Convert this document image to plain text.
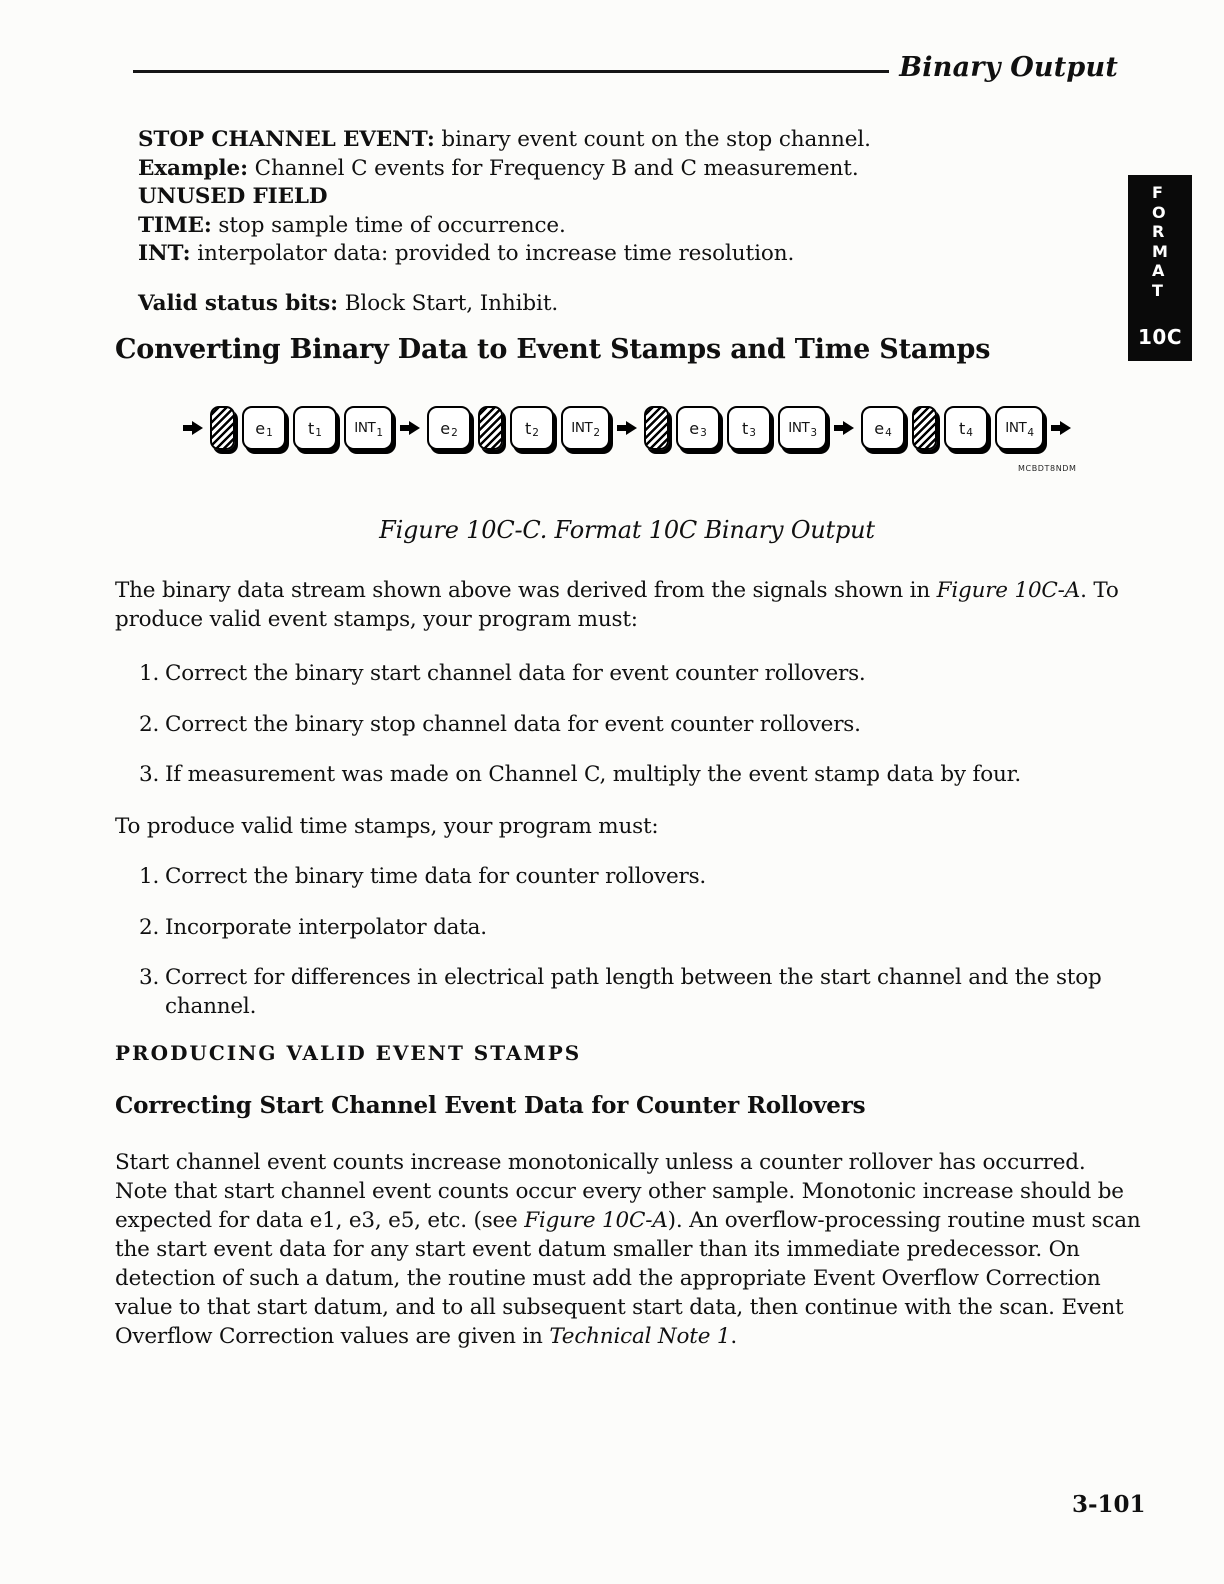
Binary Output
STOP CHANNEL EVENT: binary event count on the stop channel.
Example: Channel C events for Frequency B and C measurement.
UNUSED FIELD
TIME: stop sample time of occurrence.
INT: interpolator data: provided to increase time resolution.
Valid status bits: Block Start, Inhibit.
Converting Binary Data to Event Stamps and Time Stamps
e 1 t 1 INT 1	e 2	t 2 INT 2	e 3 t 3 INT 3	e 4	t 4 INT 4
MCBDT8NDM
Figure 10C-C. Format 10C Binary Output

The binary data stream shown above was derived from the signals shown in Figure 10C-A. To
produce valid event stamps, your program must:

1. Correct the binary start channel data for event counter rollovers.
2. Correct the binary stop channel data for event counter rollovers.
3. If measurement was made on Channel C, multiply the event stamp data by four.

To produce valid time stamps, your program must:

1. Correct the binary time data for counter rollovers.
2. Incorporate interpolator data.
3. Correct for differences in electrical path length between the start channel and the stop
channel.
PRODUCING VALID EVENT STAMPS
Correcting Start Channel Event Data for Counter Rollovers

Start channel event counts increase monotonically unless a counter rollover has occurred.
Note that start channel event counts occur every other sample. Monotonic increase should be
expected for data e1, e3, e5, etc. (see Figure 10C-A). An overflow-processing routine must scan
the start event data for any start event datum smaller than its immediate predecessor. On
detection of such a datum, the routine must add the appropriate Event Overflow Correction
value to that start datum, and to all subsequent start data, then continue with the scan. Event
Overflow Correction values are given in Technical Note 1.

F
O
R
M
A
T
10C
3-101
